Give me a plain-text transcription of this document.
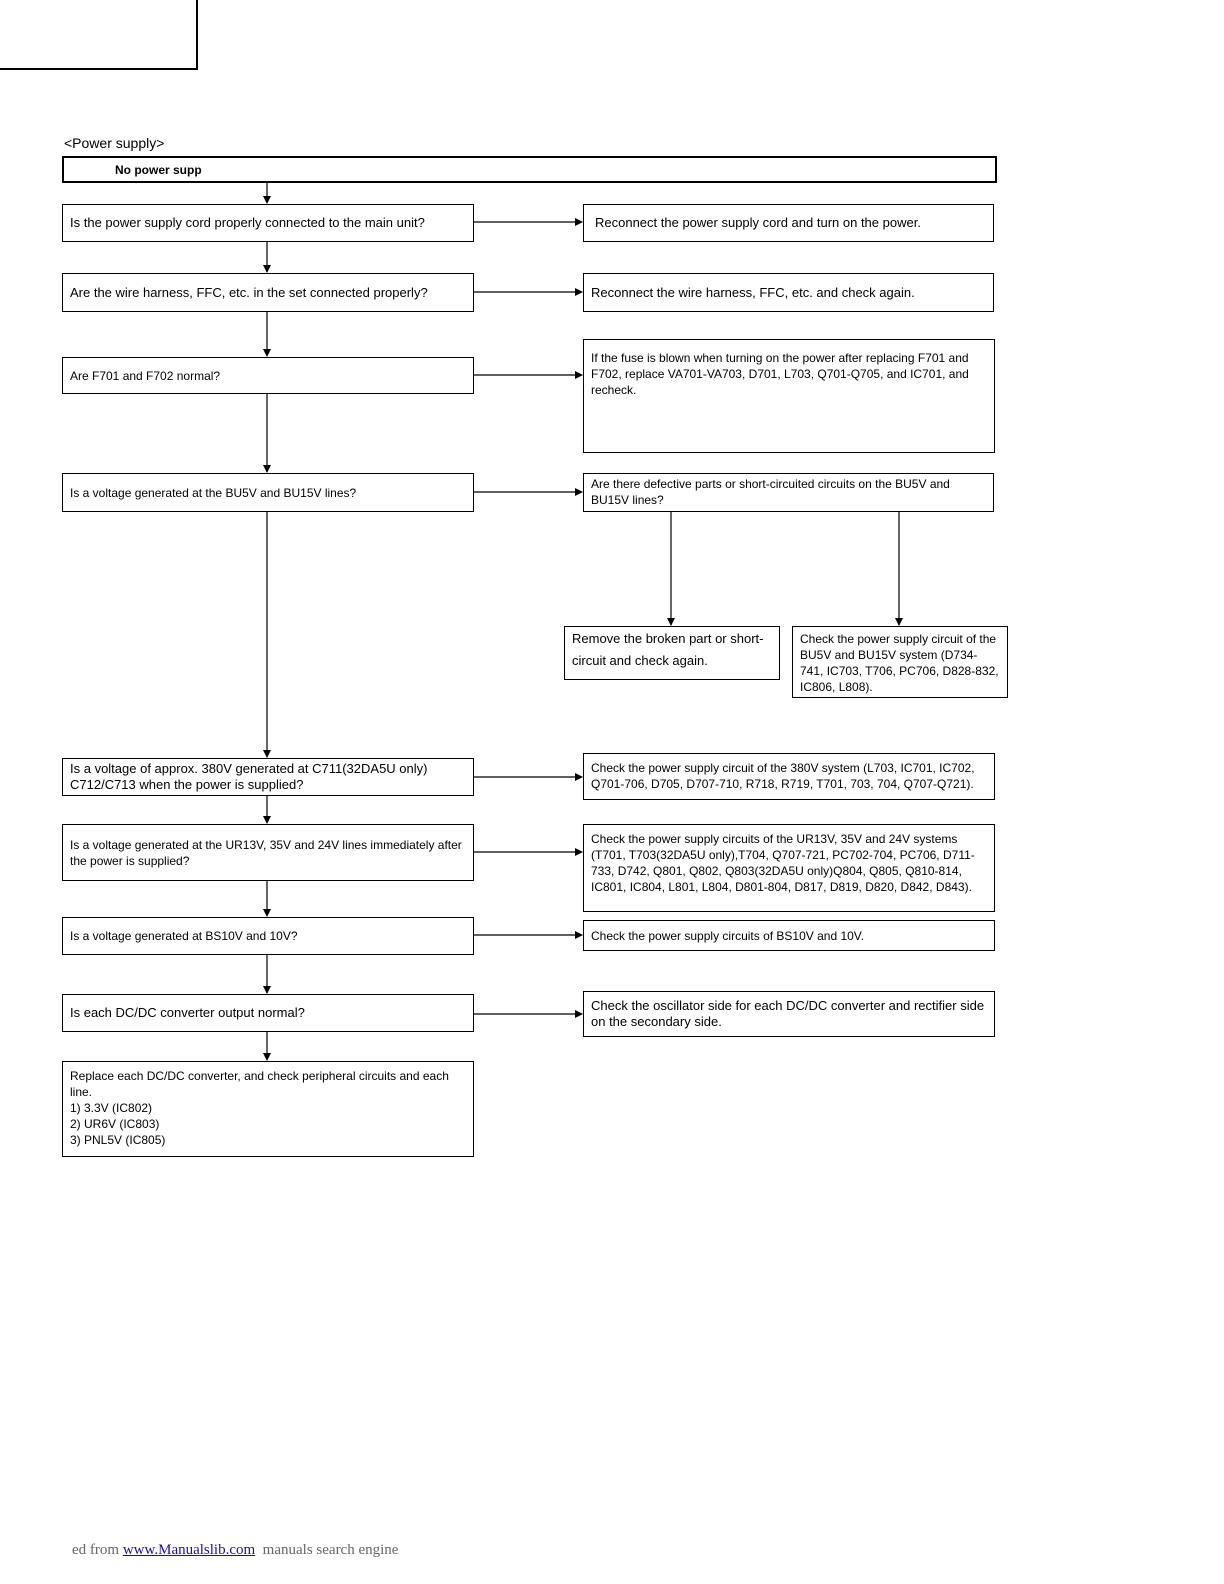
<Power supply>
No power supp
Is the power supply cord properly connected to the main unit?
Are the wire harness, FFC, etc. in the set connected properly?
Are F701 and F702 normal?
Is a voltage generated at the BU5V and BU15V lines?
Is a voltage of approx. 380V generated at C711(32DA5U only)
C712/C713 when the power is supplied?
Is a voltage generated at the UR13V, 35V and 24V lines immediately after the power is supplied?
Is a voltage generated at BS10V and 10V?
Is each DC/DC converter output normal?
Replace each DC/DC converter, and check peripheral circuits and each line.
1) 3.3V (IC802)
2) UR6V (IC803)
3) PNL5V (IC805)
Reconnect the power supply cord and turn on the power.
Reconnect the wire harness, FFC, etc. and check again.
If the fuse is blown when turning on the power after replacing F701 and F702, replace VA701-VA703, D701, L703, Q701-Q705, and IC701, and recheck.
Are there defective parts or short-circuited circuits on the BU5V and BU15V lines?
Remove the broken part or short-circuit and check again.
Check the power supply circuit of the BU5V and BU15V system (D734-741, IC703, T706, PC706, D828-832, IC806, L808).
Check the power supply circuit of the 380V system (L703, IC701, IC702, Q701-706, D705, D707-710, R718, R719, T701, 703, 704, Q707-Q721).
Check the power supply circuits of the UR13V, 35V and 24V systems (T701, T703(32DA5U only),T704, Q707-721, PC702-704, PC706, D711-733, D742, Q801, Q802, Q803(32DA5U only)Q804, Q805, Q810-814, IC801, IC804, L801, L804, D801-804, D817, D819, D820, D842, D843).
Check the power supply circuits of BS10V and 10V.
Check the oscillator side for each DC/DC converter and rectifier side on the secondary side.
ed from www.Manualslib.com  manuals search engine
